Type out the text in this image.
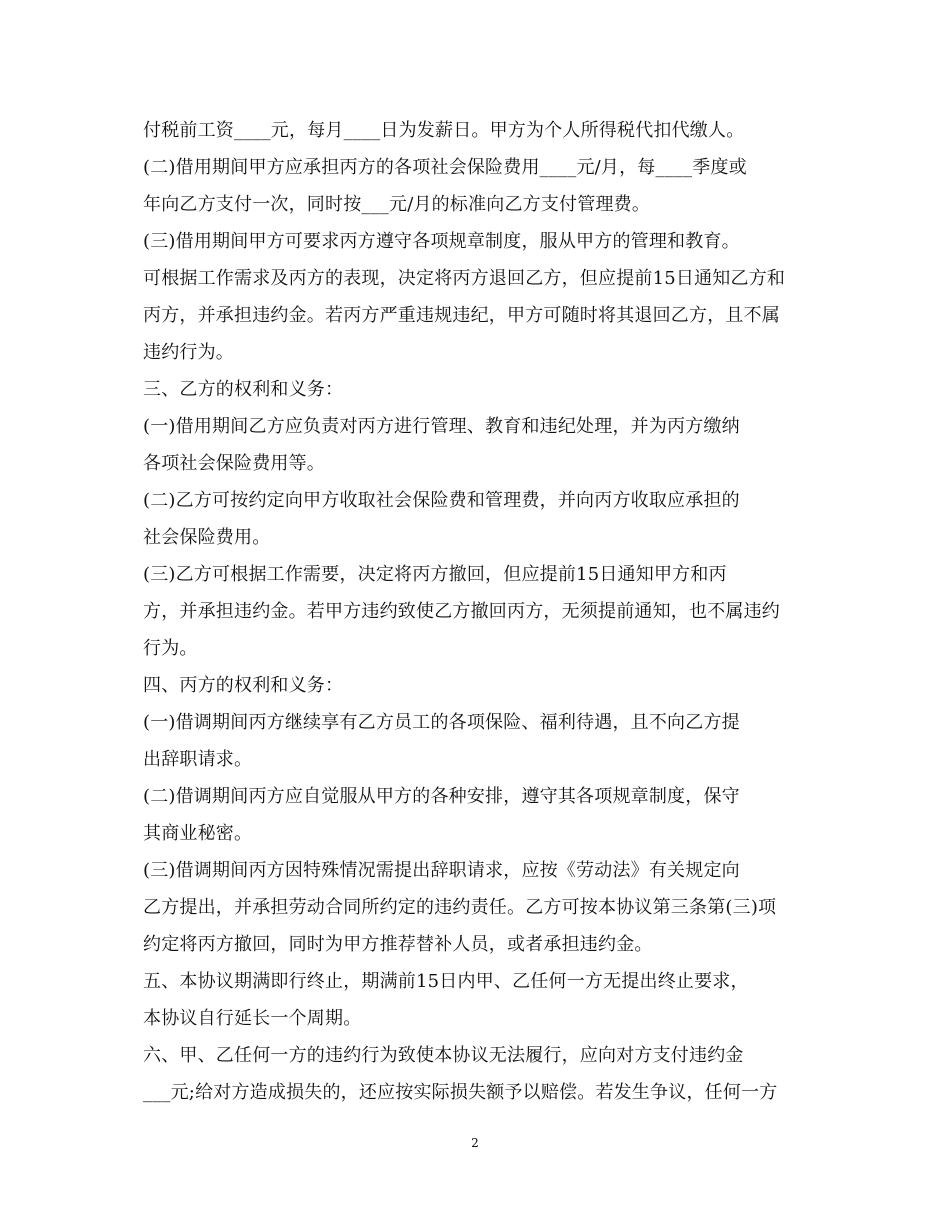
付税前工资____元，每月____日为发薪日。甲方为个人所得税代扣代缴人。
(二)借用期间甲方应承担丙方的各项社会保险费用____元/月，每____季度或
年向乙方支付一次，同时按___元/月的标准向乙方支付管理费。
(三)借用期间甲方可要求丙方遵守各项规章制度，服从甲方的管理和教育。
可根据工作需求及丙方的表现，决定将丙方退回乙方，但应提前15日通知乙方和
丙方，并承担违约金。若丙方严重违规违纪，甲方可随时将其退回乙方，且不属
违约行为。
三、乙方的权利和义务：
(一)借用期间乙方应负责对丙方进行管理、教育和违纪处理，并为丙方缴纳
各项社会保险费用等。
(二)乙方可按约定向甲方收取社会保险费和管理费，并向丙方收取应承担的
社会保险费用。
(三)乙方可根据工作需要，决定将丙方撤回，但应提前15日通知甲方和丙
方，并承担违约金。若甲方违约致使乙方撤回丙方，无须提前通知，也不属违约
行为。
四、丙方的权利和义务：
(一)借调期间丙方继续享有乙方员工的各项保险、福利待遇，且不向乙方提
出辞职请求。
(二)借调期间丙方应自觉服从甲方的各种安排，遵守其各项规章制度，保守
其商业秘密。
(三)借调期间丙方因特殊情况需提出辞职请求，应按《劳动法》有关规定向
乙方提出，并承担劳动合同所约定的违约责任。乙方可按本协议第三条第(三)项
约定将丙方撤回，同时为甲方推荐替补人员，或者承担违约金。
五、本协议期满即行终止，期满前15日内甲、乙任何一方无提出终止要求，
本协议自行延长一个周期。
六、甲、乙任何一方的违约行为致使本协议无法履行，应向对方支付违约金
___元;给对方造成损失的，还应按实际损失额予以赔偿。若发生争议，任何一方
2
